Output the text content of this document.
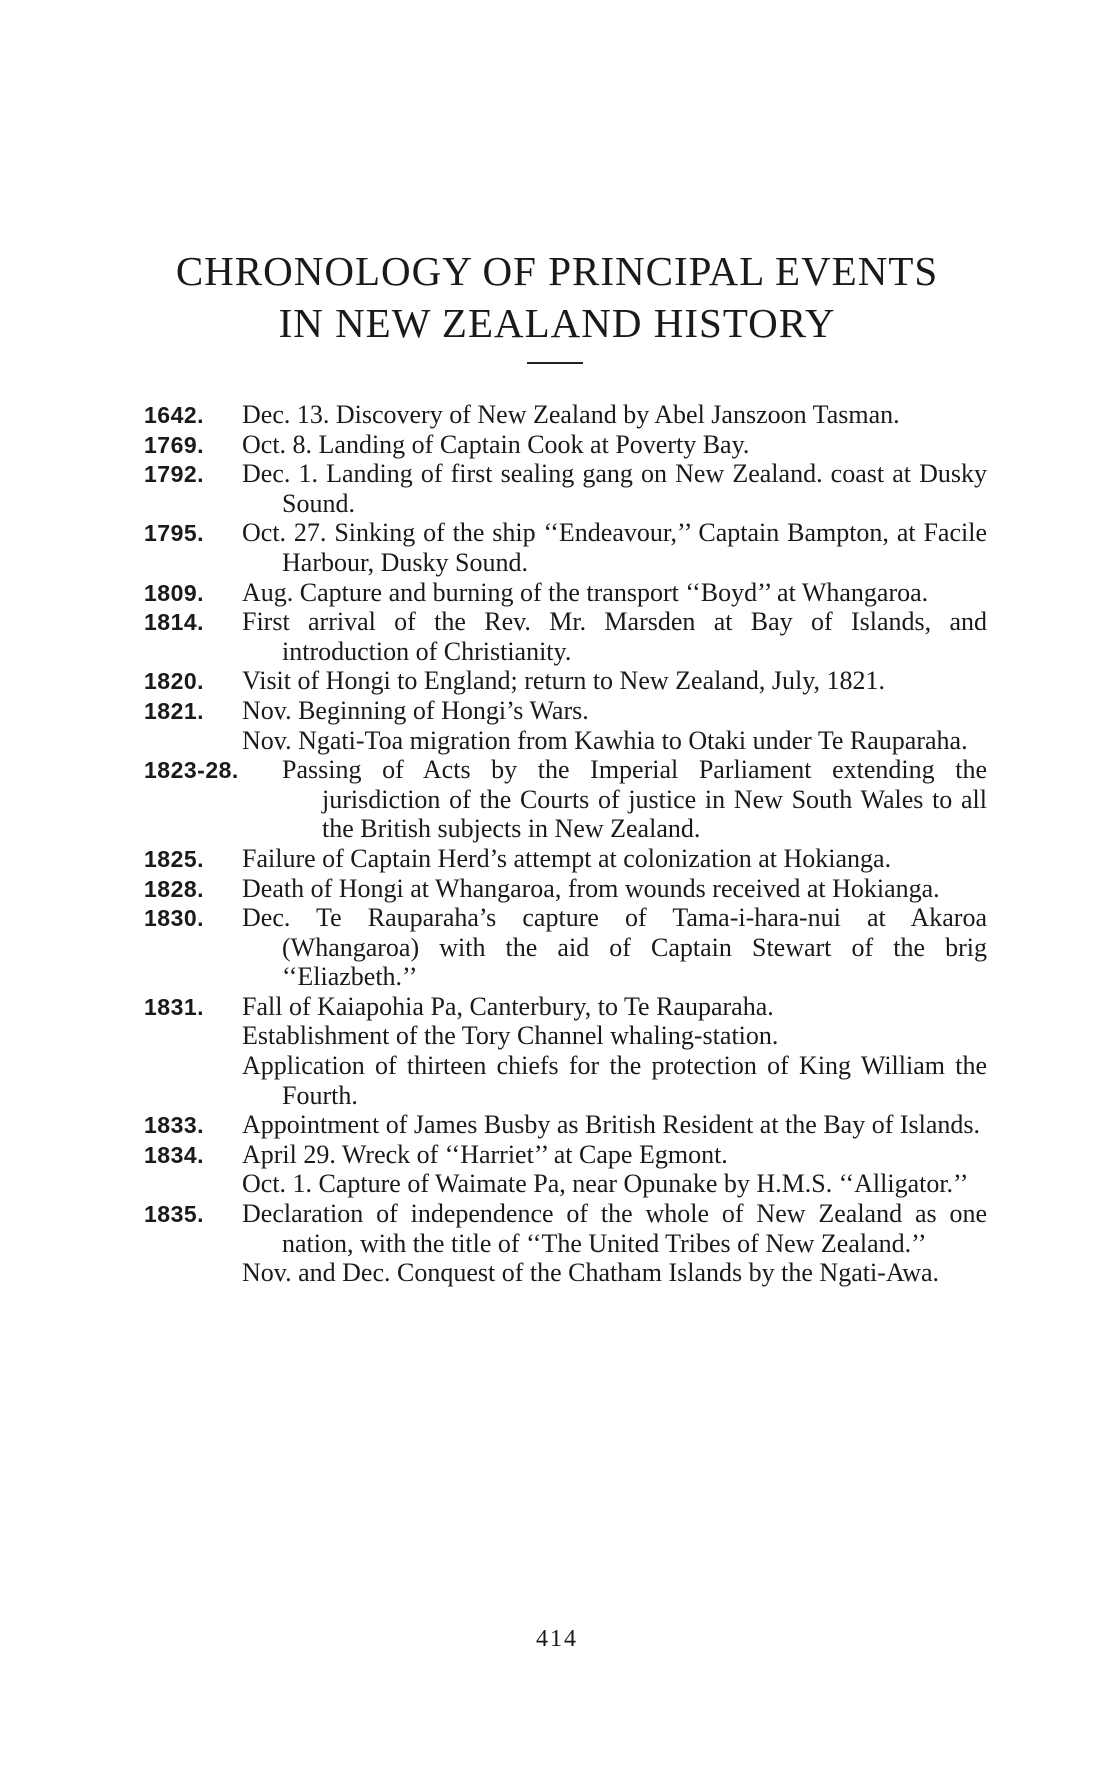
CHRONOLOGY OF PRINCIPAL EVENTS
IN NEW ZEALAND HISTORY
1642. Dec. 13. Discovery of New Zealand by Abel Janszoon Tasman.

1769. Oct. 8. Landing of Captain Cook at Poverty Bay.

1792. Dec. 1. Landing of first sealing gang on New Zealand. coast at Dusky Sound.

1795. Oct. 27. Sinking of the ship ‘‘Endeavour,’’ Captain Bampton, at Facile Harbour, Dusky Sound.

1809. Aug. Capture and burning of the transport ‘‘Boyd’’ at Whangaroa.

1814. First arrival of the Rev. Mr. Marsden at Bay of Islands, and introduction of Christianity.

1820. Visit of Hongi to England; return to New Zealand, July, 1821.

1821. Nov. Beginning of Hongi’s Wars.

Nov. Ngati-Toa migration from Kawhia to Otaki under Te Rauparaha.

1823-28. Passing of Acts by the Imperial Parliament extending the jurisdiction of the Courts of justice in New South Wales to all the British subjects in New Zealand.

1825. Failure of Captain Herd’s attempt at colonization at Hokianga.

1828. Death of Hongi at Whangaroa, from wounds received at Hokianga.

1830. Dec. Te Rauparaha’s capture of Tama-i-hara-nui at Akaroa (Whangaroa) with the aid of Captain Stewart of the brig ‘‘Eliazbeth.’’

1831. Fall of Kaiapohia Pa, Canterbury, to Te Rauparaha.

Establishment of the Tory Channel whaling-station.

Application of thirteen chiefs for the protection of King William the Fourth.

1833. Appointment of James Busby as British Resident at the Bay of Islands.

1834. April 29. Wreck of ‘‘Harriet’’ at Cape Egmont.

Oct. 1. Capture of Waimate Pa, near Opunake by H.M.S. ‘‘Alligator.’’

1835. Declaration of independence of the whole of New Zealand as one nation, with the title of ‘‘The United Tribes of New Zealand.’’

Nov. and Dec. Conquest of the Chatham Islands by the Ngati-Awa.

414
